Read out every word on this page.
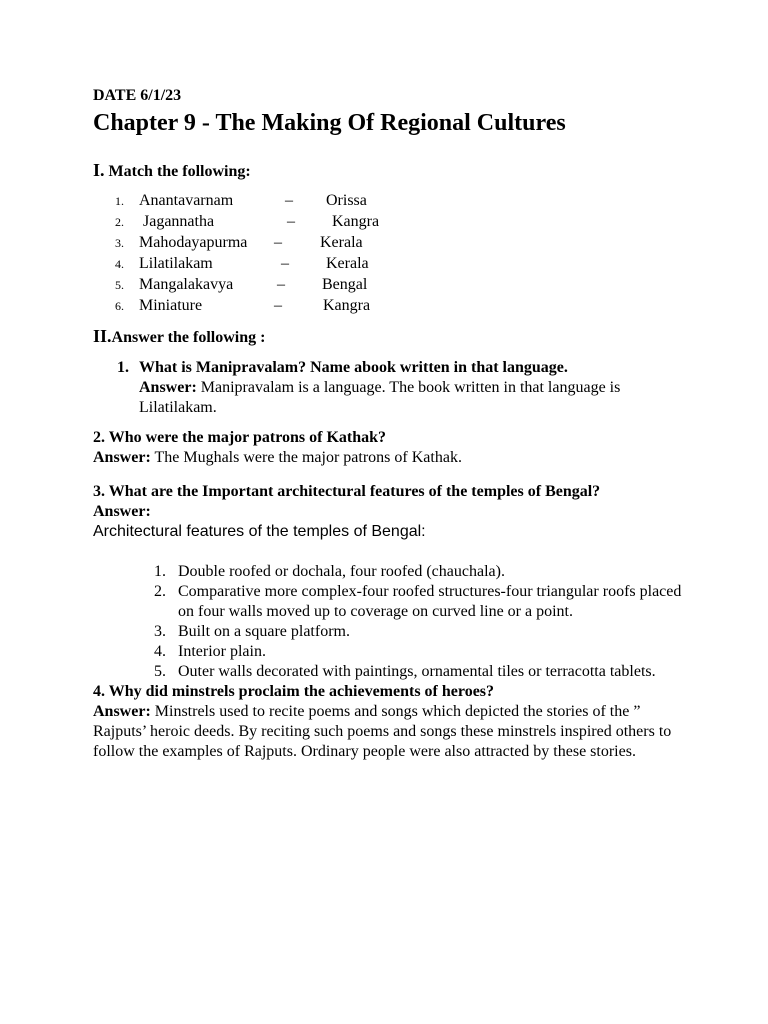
DATE 6/1/23

Chapter 9 - The Making Of Regional Cultures

I. Match the following:

1. Anantavarnam	– Orissa
2. Jagannatha	– Kangra
3. Mahodayapurma – Kerala
4. Lilatilakam	– Kerala
5. Mangalakavya	– Bengal
6. Miniature	–	Kangra

II.Answer the following :

1. What is Manipravalam? Name abook written in that language.
Answer: Manipravalam is a language. The book written in that language is Lilatilakam.
2. Who were the major patrons of Kathak?
Answer: The Mughals were the major patrons of Kathak.
3. What are the Important architectural features of the temples of Bengal?
Answer:
Architectural features of the temples of Bengal:
1. Double roofed or dochala, four roofed (chauchala).
2. Comparative more complex-four roofed structures-four triangular roofs placed on four walls moved up to coverage on curved line or a point.
3. Built on a square platform.
4. Interior plain.
5. Outer walls decorated with paintings, ornamental tiles or terracotta tablets.
4. Why did minstrels proclaim the achievements of heroes?
Answer: Minstrels used to recite poems and songs which depicted the stories of the ” Rajputs’ heroic deeds. By reciting such poems and songs these minstrels inspired others to follow the examples of Rajputs. Ordinary people were also attracted by these stories.
